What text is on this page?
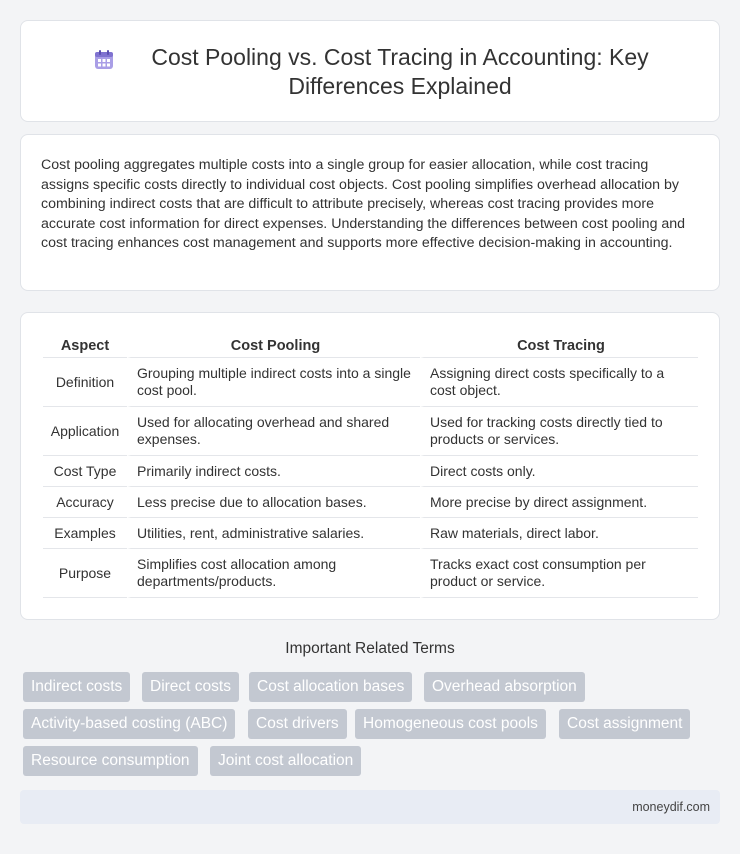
Cost Pooling vs. Cost Tracing in Accounting: Key Differences Explained

Cost pooling aggregates multiple costs into a single group for easier allocation, while cost tracing assigns specific costs directly to individual cost objects. Cost pooling simplifies overhead allocation by combining indirect costs that are difficult to attribute precisely, whereas cost tracing provides more accurate cost information for direct expenses. Understanding the differences between cost pooling and cost tracing enhances cost management and supports more effective decision-making in accounting.

Aspect	Cost Pooling	Cost Tracing
Definition	Grouping multiple indirect costs into a single cost pool.	Assigning direct costs specifically to a cost object.
Application	Used for allocating overhead and shared expenses.	Used for tracking costs directly tied to products or services.
Cost Type	Primarily indirect costs.	Direct costs only.
Accuracy	Less precise due to allocation bases.	More precise by direct assignment.
Examples	Utilities, rent, administrative salaries.	Raw materials, direct labor.
Purpose	Simplifies cost allocation among departments/products.	Tracks exact cost consumption per product or service.
Important Related Terms
Indirect costs	Direct costs	Cost allocation bases	Overhead absorption
Activity-based costing (ABC)	Cost drivers	Homogeneous cost pools	Cost assignment
Resource consumption	Joint cost allocation
moneydif.com
